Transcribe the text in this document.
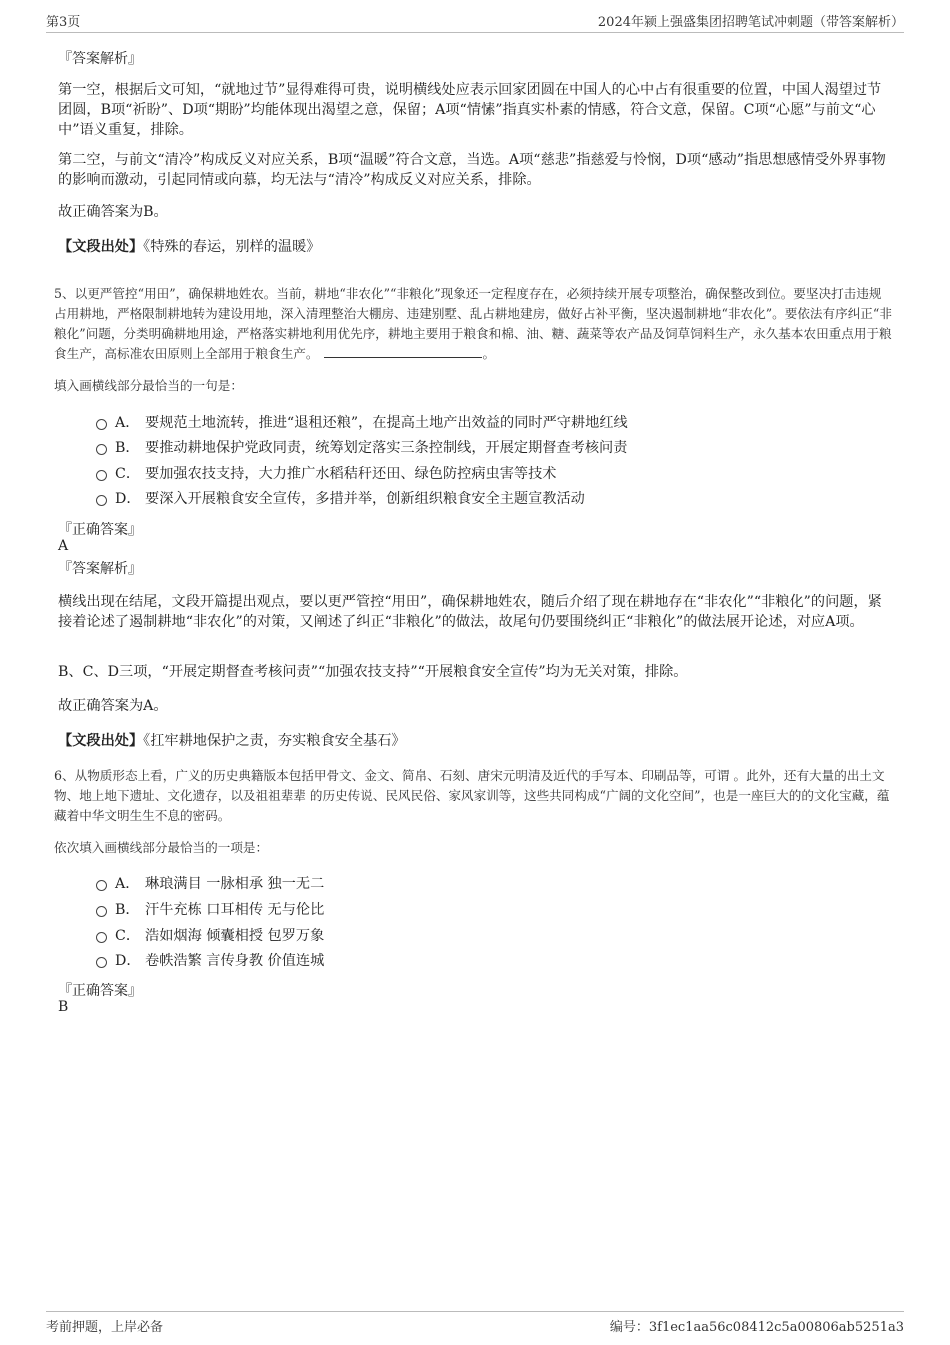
第3页	2024年颍上强盛集团招聘笔试冲刺题（带答案解析）
『答案解析』

第一空，根据后文可知，“就地过节”显得难得可贵，说明横线处应表示回家团圆在中国人的心中占有很重要的位置，中国人渴望过节团圆，B项“祈盼”、D项“期盼”均能体现出渴望之意，保留；A项“情愫”指真实朴素的情感，符合文意，保留。C项“心愿”与前文“心中”语义重复，排除。

第二空，与前文“清冷”构成反义对应关系，B项“温暖”符合文意，当选。A项“慈悲”指慈爱与怜悯，D项“感动”指思想感情受外界事物的影响而激动，引起同情或向慕，均无法与“清冷”构成反义对应关系，排除。

故正确答案为B。
【文段出处】《特殊的春运，别样的温暖》

5、以更严管控“用田”，确保耕地姓农。当前，耕地“非农化”“非粮化”现象还一定程度存在，必须持续开展专项整治，确保整改到位。要坚决打击违规占用耕地，严格限制耕地转为建设用地，深入清理整治大棚房、违建别墅、乱占耕地建房，做好占补平衡，坚决遏制耕地“非农化”。要依法有序纠正“非粮化”问题，分类明确耕地用途，严格落实耕地利用优先序，耕地主要用于粮食和棉、油、糖、蔬菜等农产品及饲草饲料生产，永久基本农田重点用于粮食生产，高标准农田原则上全部用于粮食生产。	。

填入画横线部分最恰当的一句是：
A． 要规范土地流转，推进“退租还粮”，在提高土地产出效益的同时严守耕地红线
B． 要推动耕地保护党政同责，统筹划定落实三条控制线，开展定期督查考核问责
C． 要加强农技支持，大力推广水稻秸秆还田、绿色防控病虫害等技术
D． 要深入开展粮食安全宣传，多措并举，创新组织粮食安全主题宣教活动
『正确答案』
A
『答案解析』

横线出现在结尾，文段开篇提出观点，要以更严管控“用田”，确保耕地姓农，随后介绍了现在耕地存在“非农化”“非粮化”的问题，紧接着论述了遏制耕地“非农化”的对策，又阐述了纠正“非粮化”的做法，故尾句仍要围绕纠正“非粮化”的做法展开论述，对应A项。

B、C、D三项，“开展定期督查考核问责”“加强农技支持”“开展粮食安全宣传”均为无关对策，排除。

故正确答案为A。
【文段出处】《扛牢耕地保护之责，夯实粮食安全基石》

6、从物质形态上看，广义的历史典籍版本包括甲骨文、金文、简帛、石刻、唐宋元明清及近代的手写本、印刷品等，可谓 。此外，还有大量的出土文物、地上地下遗址、文化遗存，以及祖祖辈辈 的历史传说、民风民俗、家风家训等，这些共同构成“广阔的文化空间”，也是一座巨大的的文化宝藏，蕴藏着中华文明生生不息的密码。

依次填入画横线部分最恰当的一项是：
A． 琳琅满目 一脉相承 独一无二
B． 汗牛充栋 口耳相传 无与伦比
C． 浩如烟海 倾囊相授 包罗万象
D． 卷帙浩繁 言传身教 价值连城
『正确答案』
B
考前押题，上岸必备	编号：3f1ec1aa56c08412c5a00806ab5251a3
